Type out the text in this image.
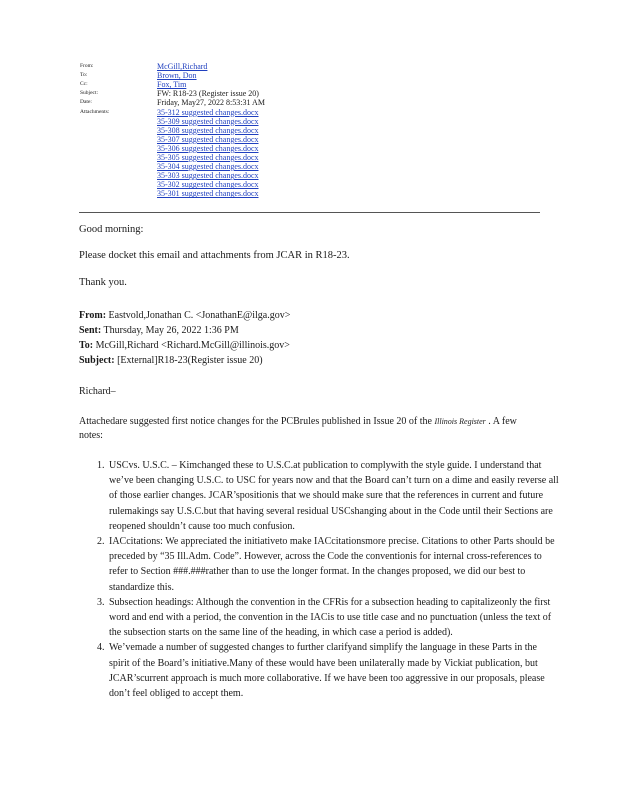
From:	McGill,Richard
To:	Brown, Don
Cc:	Fox, Tim
Subject:	FW: R18-23 (Register issue 20)
Date:	Friday, May27, 2022 8:53:31 AM
Attachments:	35-312 suggested changes.docx
35-309 suggested changes.docx
35-308 suggested changes.docx
35-307 suggested changes.docx
35-306 suggested changes.docx
35-305 suggested changes.docx
35-304 suggested changes.docx
35-303 suggested changes.docx
35-302 suggested changes.docx
35-301 suggested changes.docx
Good morning:
Please docket this email and attachments from JCAR in R18-23.
Thank you.
From: Eastvold,Jonathan C. <JonathanE@ilga.gov>
Sent: Thursday, May 26, 2022 1:36 PM
To: McGill,Richard <Richard.McGill@illinois.gov>
Subject: [External]R18-23(Register issue 20)
Richard–
Attachedare suggested first notice changes for the PCBrules published in Issue 20 of the Illinois Register . A few notes:
1. USCvs. U.S.C. – Kimchanged these to U.S.C.at publication to complywith the style guide. I understand that we’ve been changing U.S.C. to USC for years now and that the Board can’t turn on a dime and easily reverse all of those earlier changes. JCAR’spositionis that we should make sure that the references in current and future rulemakings say U.S.C.but that having several residual USCshanging about in the Code until their Sections are reopened shouldn’t cause too much confusion.
2. IACcitations: We appreciated the initiativeto make IACcitationsmore precise. Citations to other Parts should be preceded by “35 Ill.Adm. Code”. However, across the Code the conventionis for internal cross-references to refer to Section ###.###rather than to use the longer format. In the changes proposed, we did our best to standardize this.
3. Subsection headings: Although the convention in the CFRis for a subsection heading to capitalizeonly the first word and end with a period, the convention in the IACis to use title case and no punctuation (unless the text of the subsection starts on the same line of the heading, in which case a period is added).
4. We’vemade a number of suggested changes to further clarifyand simplify the language in these Parts in the spirit of the Board’s initiative.Many of these would have been unilaterally made by Vickiat publication, but JCAR’scurrent approach is much more collaborative. If we have been too aggressive in our proposals, please don’t feel obliged to accept them.
